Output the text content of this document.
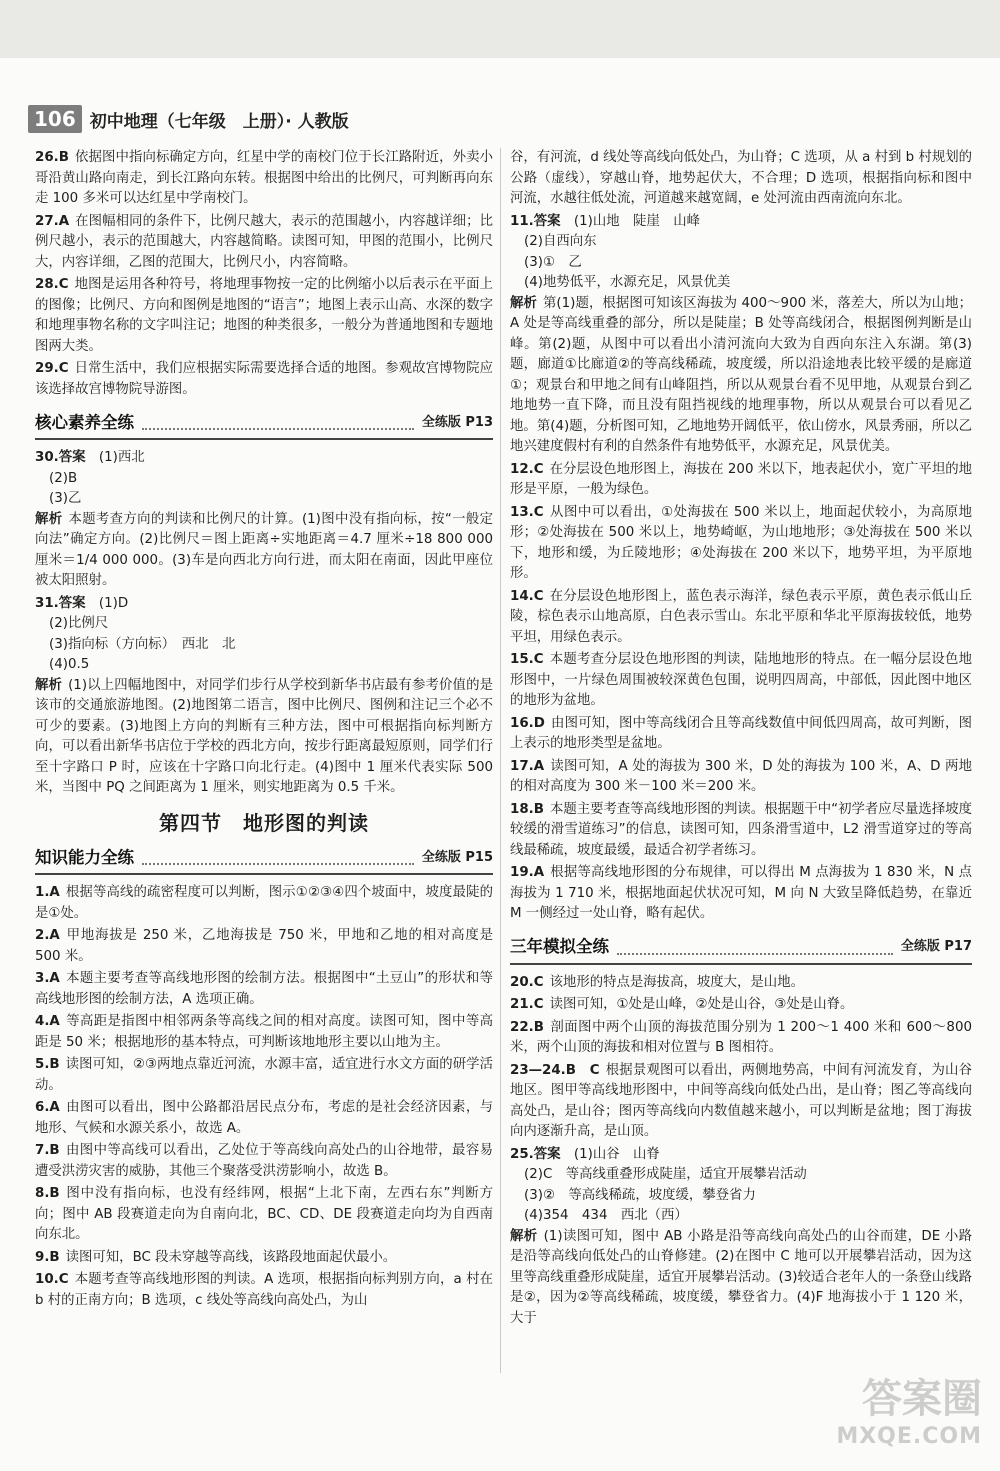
106 初中地理（七年级　上册）· 人教版
26.B 依据图中指向标确定方向，红星中学的南校门位于长江路附近，外卖小哥沿黄山路向南走，到长江路向东转。根据图中给出的比例尺，可判断再向东走 100 多米可以达红星中学南校门。
27.A 在图幅相同的条件下，比例尺越大，表示的范围越小，内容越详细；比例尺越小，表示的范围越大，内容越简略。读图可知，甲图的范围小，比例尺大，内容详细，乙图的范围大，比例尺小，内容简略。
28.C 地图是运用各种符号，将地理事物按一定的比例缩小以后表示在平面上的图像；比例尺、方向和图例是地图的“语言”；地图上表示山高、水深的数字和地理事物名称的文字叫注记；地图的种类很多，一般分为普通地图和专题地图两大类。
29.C 日常生活中，我们应根据实际需要选择合适的地图。参观故宫博物院应该选择故宫博物院导游图。
核心素养全练	全练版 P13
30.答案　 (1)西北
(2)B
(3)乙
解析 本题考查方向的判读和比例尺的计算。(1)图中没有指向标，按“一般定向法”确定方向。(2)比例尺＝图上距离÷实地距离＝4.7 厘米÷18 800 000 厘米＝1/4 000 000。(3)车是向西北方向行进，而太阳在南面，因此甲座位被太阳照射。
31.答案　 (1)D
(2)比例尺
(3)指向标（方向标）　西北　北
(4)0.5
解析 (1)以上四幅地图中，对同学们步行从学校到新华书店最有参考价值的是该市的交通旅游地图。(2)地图第二语言，图中比例尺、图例和注记三个必不可少的要素。(3)地图上方向的判断有三种方法，图中可根据指向标判断方向，可以看出新华书店位于学校的西北方向，按步行距离最短原则，同学们行至十字路口 P 时，应该在十字路口向北行走。(4)图中 1 厘米代表实际 500 米，当图中 PQ 之间距离为 1 厘米，则实地距离为 0.5 千米。
第四节　地形图的判读
知识能力全练	全练版 P15
1.A 根据等高线的疏密程度可以判断，图示①②③④四个坡面中，坡度最陡的是①处。
2.A 甲地海拔是 250 米，乙地海拔是 750 米，甲地和乙地的相对高度是 500 米。
3.A 本题主要考查等高线地形图的绘制方法。根据图中“土豆山”的形状和等高线地形图的绘制方法，A 选项正确。
4.A 等高距是指图中相邻两条等高线之间的相对高度。读图可知，图中等高距是 50 米；根据地形的基本特点，可判断该地地形主要以山地为主。
5.B 读图可知，②③两地点靠近河流，水源丰富，适宜进行水文方面的研学活动。
6.A 由图可以看出，图中公路都沿居民点分布，考虑的是社会经济因素，与地形、气候和水源关系小，故选 A。
7.B 由图中等高线可以看出，乙处位于等高线向高处凸的山谷地带，最容易遭受洪涝灾害的威胁，其他三个聚落受洪涝影响小，故选 B。
8.B 图中没有指向标，也没有经纬网，根据“上北下南，左西右东”判断方向；图中 AB 段赛道走向为自南向北，BC、CD、DE 段赛道走向均为自西南向东北。
9.B 读图可知，BC 段未穿越等高线，该路段地面起伏最小。
10.C 本题考查等高线地形图的判读。A 选项，根据指向标判别方向，a 村在 b 村的正南方向；B 选项，c 线处等高线向高处凸，为山
谷，有河流，d 线处等高线向低处凸，为山脊；C 选项，从 a 村到 b 村规划的公路（虚线），穿越山脊，地势起伏大，不合理；D 选项，根据指向标和图中河流，水越往低处流，河道越来越宽阔，e 处河流由西南流向东北。
11.答案　 (1)山地　陡崖　山峰
(2)自西向东
(3)①　乙
(4)地势低平，水源充足，风景优美
解析 第(1)题，根据图可知该区海拔为 400～900 米，落差大，所以为山地；A 处是等高线重叠的部分，所以是陡崖；B 处等高线闭合，根据图例判断是山峰。第(2)题，从图中可以看出小清河流向大致为自西向东注入东湖。第(3)题，廊道①比廊道②的等高线稀疏，坡度缓，所以沿途地表比较平缓的是廊道①；观景台和甲地之间有山峰阻挡，所以从观景台看不见甲地，从观景台到乙地地势一直下降，而且没有阻挡视线的地理事物，所以从观景台可以看见乙地。第(4)题，分析图可知，乙地地势开阔低平，依山傍水，风景秀丽，所以乙地兴建度假村有利的自然条件有地势低平，水源充足，风景优美。
12.C 在分层设色地形图上，海拔在 200 米以下，地表起伏小，宽广平坦的地形是平原，一般为绿色。
13.C 从图中可以看出，①处海拔在 500 米以上，地面起伏较小，为高原地形；②处海拔在 500 米以上，地势崎岖，为山地地形；③处海拔在 500 米以下，地形和缓，为丘陵地形；④处海拔在 200 米以下，地势平坦，为平原地形。
14.C 在分层设色地形图上，蓝色表示海洋，绿色表示平原，黄色表示低山丘陵，棕色表示山地高原，白色表示雪山。东北平原和华北平原海拔较低，地势平坦，用绿色表示。
15.C 本题考查分层设色地形图的判读，陆地地形的特点。在一幅分层设色地形图中，一片绿色周围被较深黄色包围，说明四周高，中部低，因此图中地区的地形为盆地。
16.D 由图可知，图中等高线闭合且等高线数值中间低四周高，故可判断，图上表示的地形类型是盆地。
17.A 读图可知，A 处的海拔为 300 米，D 处的海拔为 100 米，A、D 两地的相对高度为 300 米－100 米＝200 米。
18.B 本题主要考查等高线地形图的判读。根据题干中“初学者应尽量选择坡度较缓的滑雪道练习”的信息，读图可知，四条滑雪道中，L2 滑雪道穿过的等高线最稀疏，坡度最缓，最适合初学者练习。
19.A 根据等高线地形图的分布规律，可以得出 M 点海拔为 1 830 米，N 点海拔为 1 710 米，根据地面起伏状况可知，M 向 N 大致呈降低趋势，在靠近 M 一侧经过一处山脊，略有起伏。
三年模拟全练	全练版 P17
20.C 该地形的特点是海拔高，坡度大，是山地。
21.C 读图可知，①处是山峰，②处是山谷，③处是山脊。
22.B 剖面图中两个山顶的海拔范围分别为 1 200～1 400 米和 600～800 米，两个山顶的海拔和相对位置与 B 图相符。
23—24.B　C 根据景观图可以看出，两侧地势高，中间有河流发育，为山谷地区。图甲等高线地形图中，中间等高线向低处凸出，是山脊；图乙等高线向高处凸，是山谷；图丙等高线向内数值越来越小，可以判断是盆地；图丁海拔向内逐渐升高，是山顶。
25.答案　 (1)山谷　山脊
(2)C　等高线重叠形成陡崖，适宜开展攀岩活动
(3)②　等高线稀疏，坡度缓，攀登省力
(4)354　434　西北（西）
解析 (1)读图可知，图中 AB 小路是沿等高线向高处凸的山谷而建，DE 小路是沿等高线向低处凸的山脊修建。(2)在图中 C 地可以开展攀岩活动，因为这里等高线重叠形成陡崖，适宜开展攀岩活动。(3)较适合老年人的一条登山线路是②，因为②等高线稀疏，坡度缓，攀登省力。(4)F 地海拔小于 1 120 米，大于
答案圈
MXQE.COM
